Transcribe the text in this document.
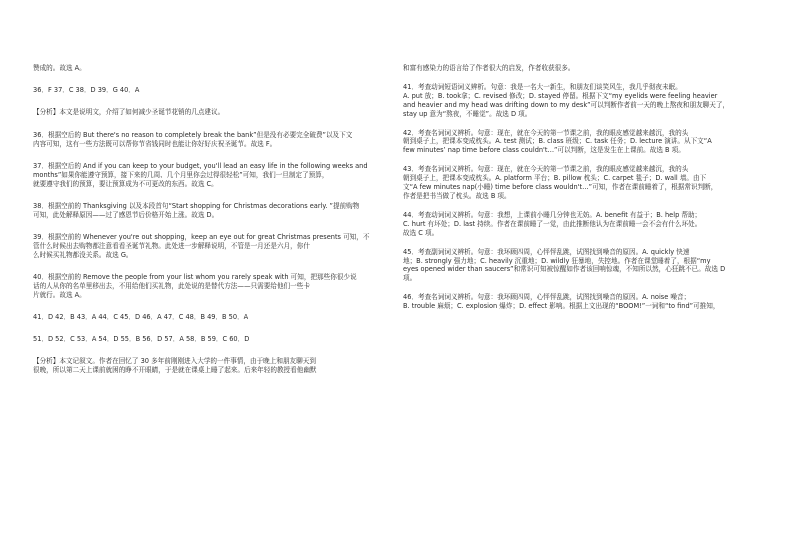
赞成的。故选 A。
36．F 37．C 38．D 39．G 40．A
【分析】本文是说明文，介绍了如何减少圣诞节花销的几点建议。
36．根据空后的 But there's no reason to completely break the bank”但是没有必要完全破费”以及下文
内容可知，这有一些方法既可以帮你节省钱同时也能让你好好庆祝圣诞节。故选 F。
37．根据空后的 And if you can keep to your budget, you'll lead an easy life in the following weeks and
months”如果你能遵守预算，接下来的几周、几个月里你会过得很轻松”可知，我们一旦制定了预算，
就要遵守我们的预算，要让预算成为不可更改的东西。故选 C。
38．根据空前的 Thanksgiving 以及本段首句“Start shopping for Christmas decorations early. ”提前购物
可知，此处解释原因——过了感恩节后价格开始上涨。故选 D。
39．根据空前的 Whenever you're out shopping，keep an eye out for great Christmas presents 可知，不
管什么时候出去购物都注意看看圣诞节礼物。此处进一步解释说明，不管是一月还是六月，你什
么时候买礼物都没关系。故选 G。
40．根据空前的 Remove the people from your list whom you rarely speak with 可知，把那些你很少说
话的人从你的名单里移出去，不用给他们买礼物，此处说的是替代方法——只需要给他们一些卡
片就行。故选 A。
41．D 42．B 43．A 44．C 45．D 46．A 47．C 48．B 49．B 50．A
51．D 52．C 53．A 54．D 55．B 56．D 57．A 58．B 59．C 60．D
【分析】本文记叙文。作者在回忆了 30 多年前刚刚进入大学的一件事情，由于晚上和朋友聊天到
很晚，所以第二天上课前就困的睁不开眼睛，于是就在课桌上睡了起来。后来年轻的教授看他幽默
和富有感染力的语言给了作者很大的启发，作者收获很多。
41．考查动词短语词义辨析。句意：我是一名大一新生，和朋友们谈笑风生，我几乎彻夜未眠。
A. put 放；B. took拿；C. revised 修改；D. stayed 停留。根据下文“my eyelids were feeling heavier
and heavier and my head was drifting down to my desk”可以判断作者前一天的晚上熬夜和朋友聊天了，
stay up 意为“熬夜，不睡觉”。故选 D 项。
42．考查名词词义辨析。句意：现在，就在今天的第一节课之前，我的眼皮感觉越来越沉，我的头
朝到桌子上，把课本变成枕头。A. test 测试；B. class 班级；C. task 任务；D. lecture 演讲。从下文“A
few minutes’ nap time before class couldn't…”可以判断，这是发生在上课前。故选 B 项。
43．考查名词词义辨析。句意：现在，就在今天的第一节课之前，我的眼皮感觉越来越沉，我的头
朝到桌子上，把课本变成枕头。A. platform 平台；B. pillow 枕头；C. carpet 毯子；D. wall 墙。由下
文“A few minutes nap(小睡) time before class wouldn't…”可知，作者在课前睡着了，根据常识判断，
作者是把书当做了枕头。故选 B 项。
44．考查动词词义辨析。句意：我想，上课前小睡几分钟也无妨。A. benefit 有益于；B. help 帮助；
C. hurt 有坏处；D. last 持续。作者在课前睡了一觉，由此推断他认为在课前睡一会不会有什么坏处。
故选 C 项。
45．考查副词词义辨析。句意：我环顾四周，心怦怦乱跳，试图找到噪音的原因。A. quickly 快速
地；B. strongly 强力地；C. heavily 沉重地；D. wildly 狂暴地，失控地。作者在课堂睡着了，根据“my
eyes opened wider than saucers”和常识可知被惊醒如作者该回响惊魂，不知所以然，心狂跳不已。故选 D
项。
46．考查名词词义辨析。句意：我环顾四周，心怦怦乱跳，试图找到噪音的原因。A. noise 噪音；
B. trouble 麻烦；C. explosion 爆炸；D. effect 影响。根据上文出现的“BOOM!”一词和“to find”可推知，
